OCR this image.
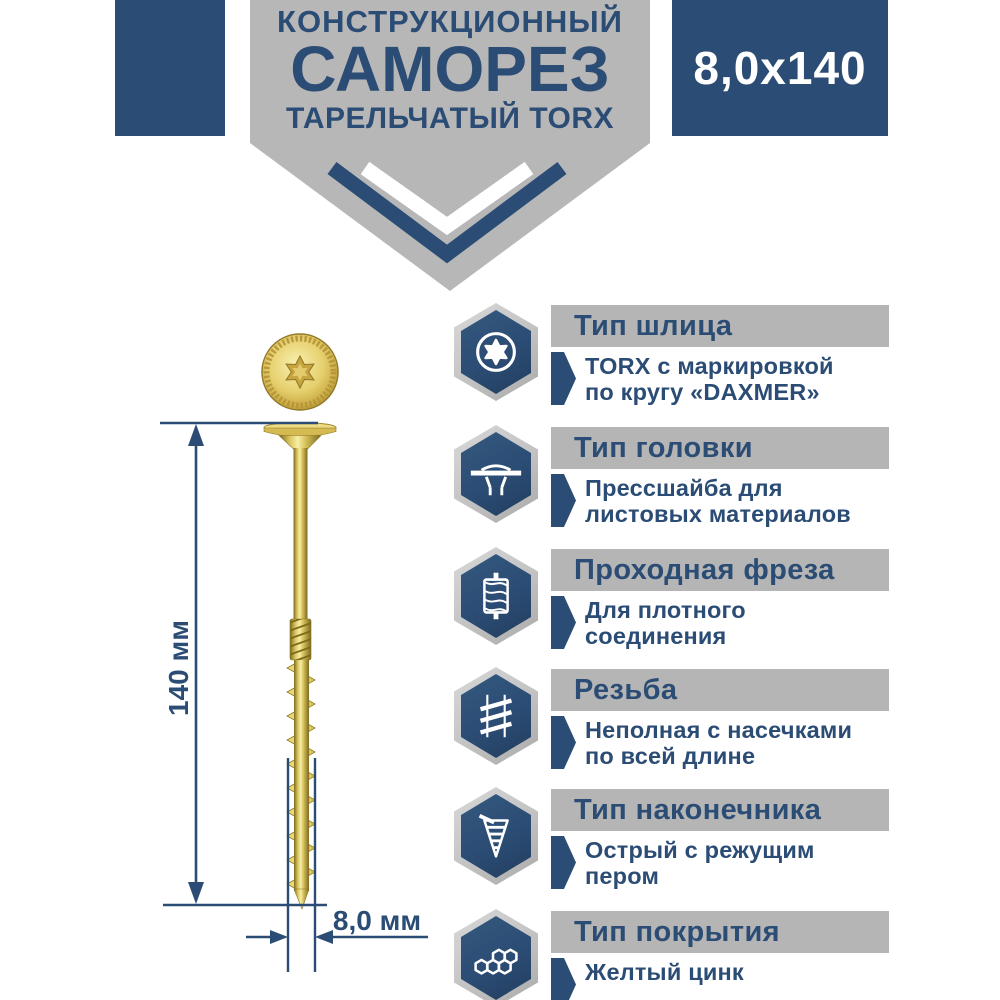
КОНСТРУКЦИОННЫЙ
САМОРЕЗ
ТАРЕЛЬЧАТЫЙ TORX
8,0x140
140 мм
8,0 мм
Тип шлица
TORX с маркировкой
по кругу «DAXMER»
Тип головки
Прессшайба для
листовых материалов
Проходная фреза
Для плотного
соединения
Резьба
Неполная с насечками
по всей длине
Тип наконечника
Острый с режущим
пером
Тип покрытия
Желтый цинк
